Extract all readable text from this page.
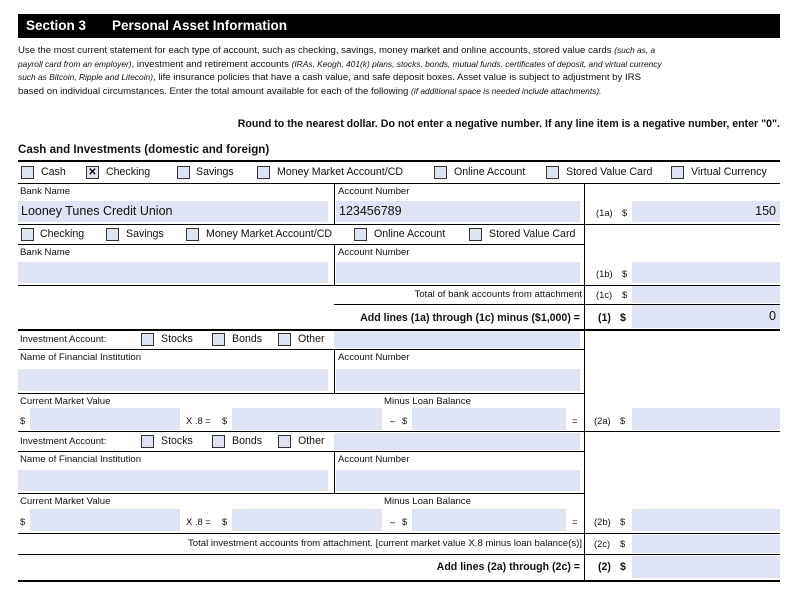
Section 3 Personal Asset Information
Use the most current statement for each type of account, such as checking, savings, money market and online accounts, stored value cards (such as, a
payroll card from an employer), investment and retirement accounts (IRAs, Keogh, 401(k) plans, stocks, bonds, mutual funds, certificates of deposit, and virtual currency
such as Bitcoin, Ripple and Litecoin), life insurance policies that have a cash value, and safe deposit boxes. Asset value is subject to adjustment by IRS
based on individual circumstances. Enter the total amount available for each of the following (if additional space is needed include attachments).
Round to the nearest dollar. Do not enter a negative number. If any line item is a negative number, enter "0".
Cash and Investments (domestic and foreign)
Cash ✕ Checking	Savings	Money Market Account/CD	Online Account	Stored Value Card	Virtual Currency
Bank Name	Account Number
Looney Tunes Credit Union	123456789	(1a) $	150
Checking	Savings	Money Market Account/CD	Online Account	Stored Value Card
Bank Name	Account Number
(1b) $
Total of bank accounts from attachment (1c) $
Add lines (1a) through (1c) minus ($1,000) = (1) $	0
Investment Account:	Stocks	Bonds	Other
Name of Financial Institution	Account Number
Current Market Value	Minus Loan Balance
$	X .8 = $	– $	= (2a) $
Investment Account:	Stocks	Bonds	Other
Name of Financial Institution	Account Number
Current Market Value	Minus Loan Balance
$	X .8 = $	– $	= (2b) $
Total investment accounts from attachment. [current market value X.8 minus loan balance(s)] (2c) $
Add lines (2a) through (2c) = (2) $
